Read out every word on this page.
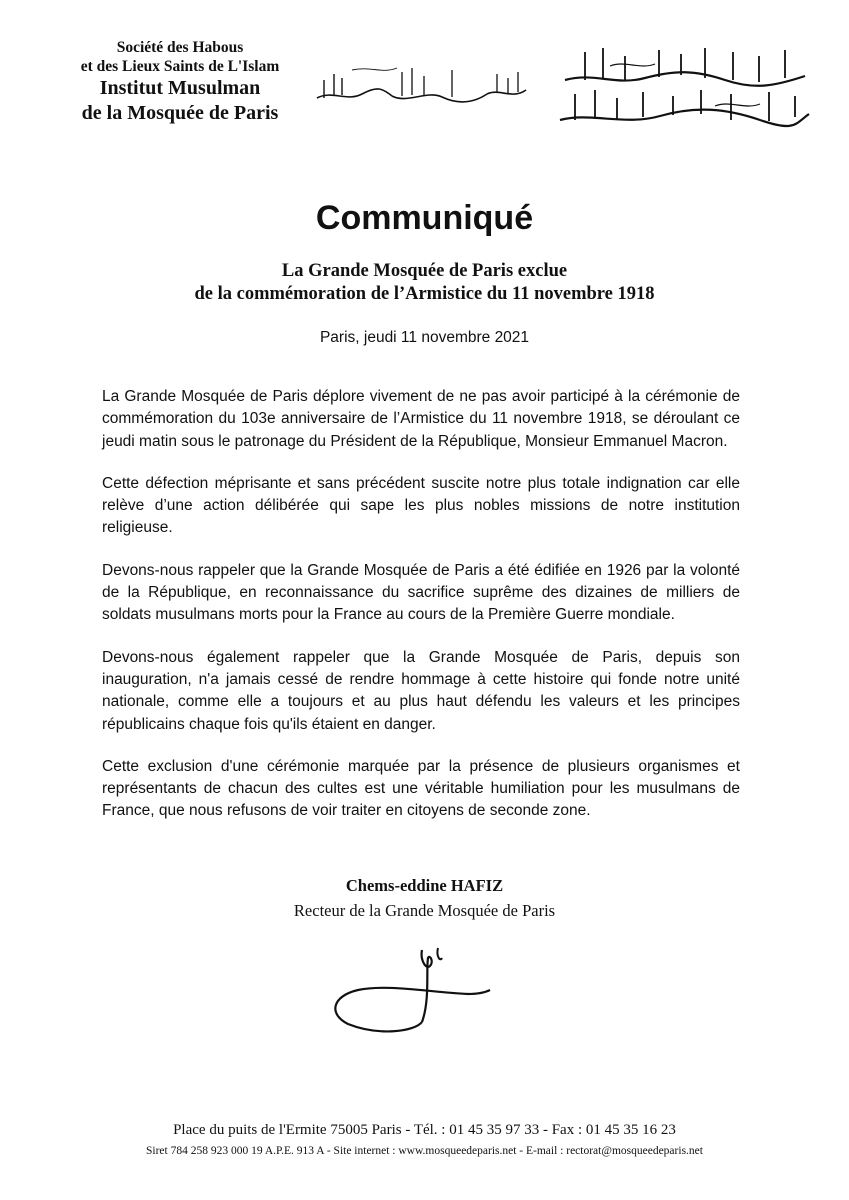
Société des Habous
et des Lieux Saints de L'Islam
Institut Musulman
de la Mosquée de Paris
Communiqué
La Grande Mosquée de Paris exclue
de la commémoration de l’Armistice du 11 novembre 1918
Paris, jeudi 11 novembre 2021

La Grande Mosquée de Paris déplore vivement de ne pas avoir participé à la cérémonie de commémoration du 103e anniversaire de l’Armistice du 11 novembre 1918, se déroulant ce jeudi matin sous le patronage du Président de la République, Monsieur Emmanuel Macron.

Cette défection méprisante et sans précédent suscite notre plus totale indignation car elle relève d’une action délibérée qui sape les plus nobles missions de notre institution religieuse.

Devons-nous rappeler que la Grande Mosquée de Paris a été édifiée en 1926 par la volonté de la République, en reconnaissance du sacrifice suprême des dizaines de milliers de soldats musulmans morts pour la France au cours de la Première Guerre mondiale.

Devons-nous également rappeler que la Grande Mosquée de Paris, depuis son inauguration, n'a jamais cessé de rendre hommage à cette histoire qui fonde notre unité nationale, comme elle a toujours et au plus haut défendu les valeurs et les principes républicains chaque fois qu'ils étaient en danger.

Cette exclusion d'une cérémonie marquée par la présence de plusieurs organismes et représentants de chacun des cultes est une véritable humiliation pour les musulmans de France, que nous refusons de voir traiter en citoyens de seconde zone.

Chems-eddine HAFIZ
Recteur de la Grande Mosquée de Paris
Place du puits de l'Ermite 75005 Paris - Tél. : 01 45 35 97 33 - Fax : 01 45 35 16 23
Siret 784 258 923 000 19 A.P.E. 913 A - Site internet : www.mosqueedeparis.net - E-mail : rectorat@mosqueedeparis.net
